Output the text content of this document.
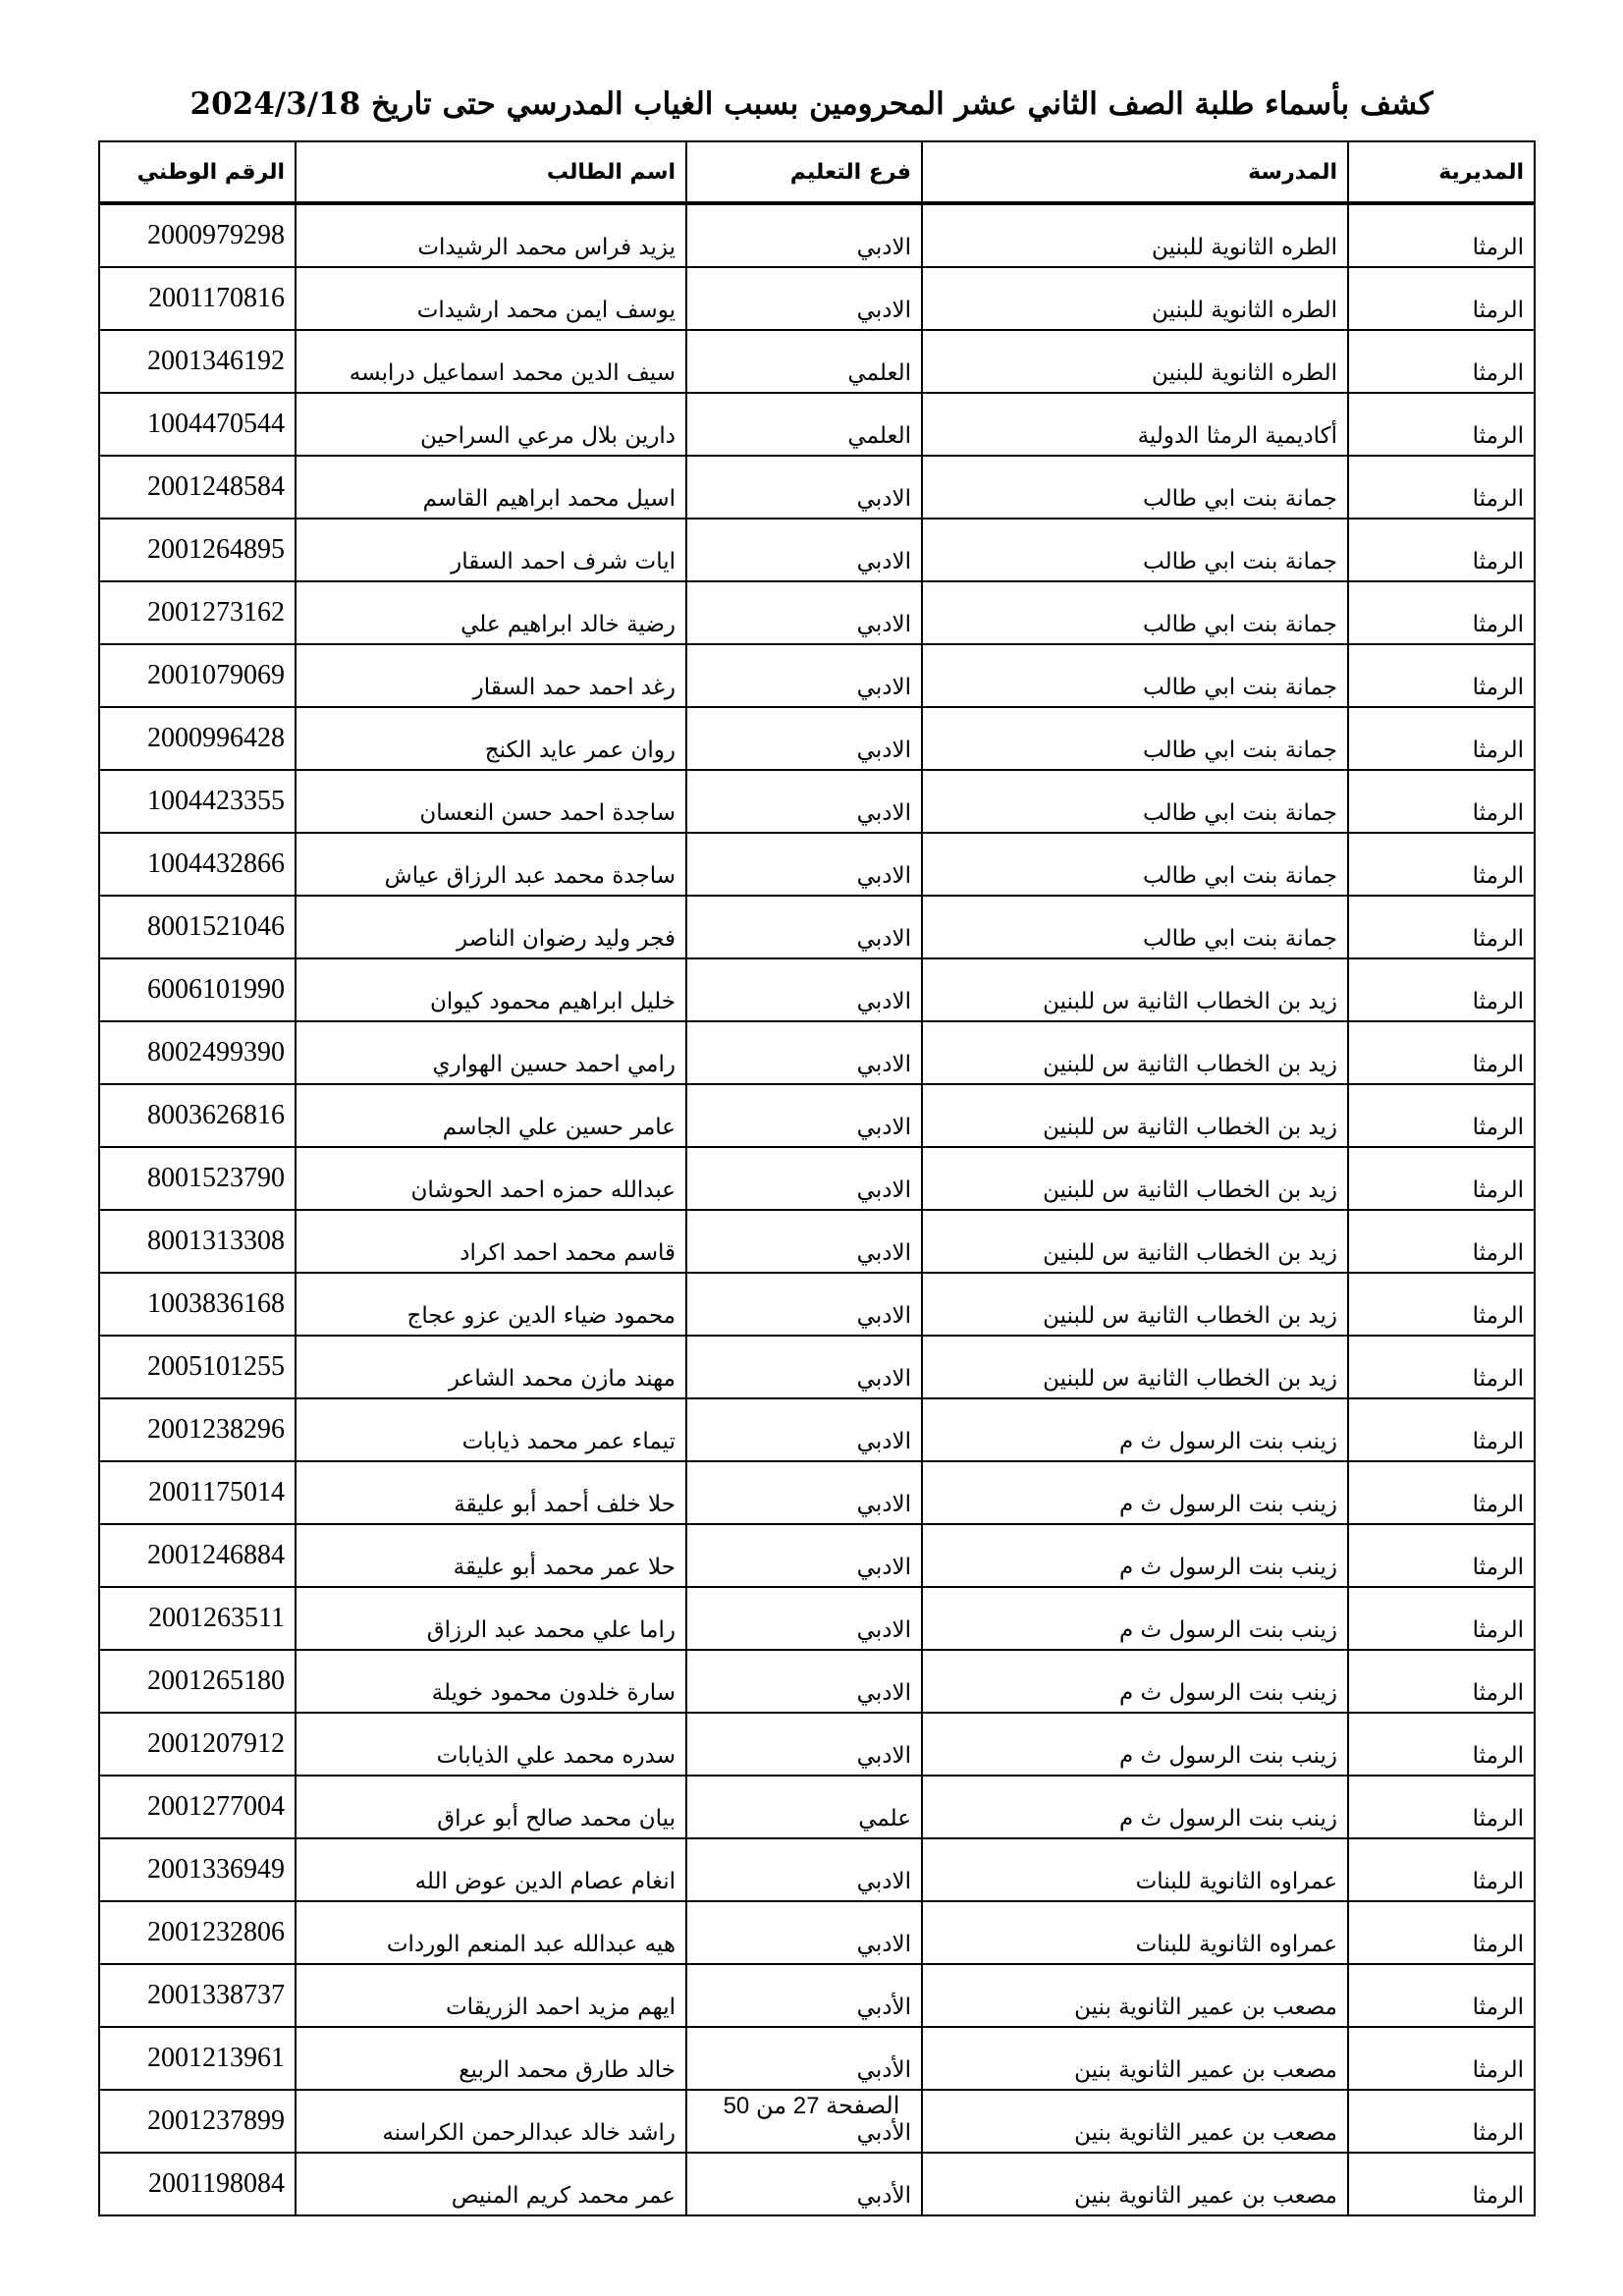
كشف بأسماء طلبة الصف الثاني عشر المحرومين بسبب الغياب المدرسي حتى تاريخ 2024/3/18
المديرية	المدرسة	فرع التعليم	اسم الطالب	الرقم الوطني
الرمثا	الطره الثانوية للبنين	الادبي	يزيد فراس محمد الرشيدات	2000979298
الرمثا	الطره الثانوية للبنين	الادبي	يوسف ايمن محمد ارشيدات	2001170816
الرمثا	الطره الثانوية للبنين	العلمي	سيف الدين محمد اسماعيل درابسه	2001346192
الرمثا	أكاديمية الرمثا الدولية	العلمي	دارين بلال مرعي السراحين	1004470544
الرمثا	جمانة بنت ابي طالب	الادبي	اسيل محمد ابراهيم القاسم	2001248584
الرمثا	جمانة بنت ابي طالب	الادبي	ايات شرف احمد السقار	2001264895
الرمثا	جمانة بنت ابي طالب	الادبي	رضية خالد ابراهيم علي	2001273162
الرمثا	جمانة بنت ابي طالب	الادبي	رغد احمد حمد السقار	2001079069
الرمثا	جمانة بنت ابي طالب	الادبي	روان عمر عايد الكنج	2000996428
الرمثا	جمانة بنت ابي طالب	الادبي	ساجدة احمد حسن النعسان	1004423355
الرمثا	جمانة بنت ابي طالب	الادبي	ساجدة محمد عبد الرزاق عياش	1004432866
الرمثا	جمانة بنت ابي طالب	الادبي	فجر وليد رضوان الناصر	8001521046
الرمثا	زيد بن الخطاب الثانية س للبنين	الادبي	خليل ابراهيم محمود كيوان	6006101990
الرمثا	زيد بن الخطاب الثانية س للبنين	الادبي	رامي احمد حسين الهواري	8002499390
الرمثا	زيد بن الخطاب الثانية س للبنين	الادبي	عامر حسين علي الجاسم	8003626816
الرمثا	زيد بن الخطاب الثانية س للبنين	الادبي	عبدالله حمزه احمد الحوشان	8001523790
الرمثا	زيد بن الخطاب الثانية س للبنين	الادبي	قاسم محمد احمد اكراد	8001313308
الرمثا	زيد بن الخطاب الثانية س للبنين	الادبي	محمود ضياء الدين عزو عجاج	1003836168
الرمثا	زيد بن الخطاب الثانية س للبنين	الادبي	مهند مازن محمد الشاعر	2005101255
الرمثا	زينب بنت الرسول ث م	الادبي	تيماء عمر محمد ذيابات	2001238296
الرمثا	زينب بنت الرسول ث م	الادبي	حلا خلف أحمد أبو عليقة	2001175014
الرمثا	زينب بنت الرسول ث م	الادبي	حلا عمر محمد أبو عليقة	2001246884
الرمثا	زينب بنت الرسول ث م	الادبي	راما علي محمد عبد الرزاق	2001263511
الرمثا	زينب بنت الرسول ث م	الادبي	سارة خلدون محمود خويلة	2001265180
الرمثا	زينب بنت الرسول ث م	الادبي	سدره محمد علي الذيابات	2001207912
الرمثا	زينب بنت الرسول ث م	علمي	بيان محمد صالح أبو عراق	2001277004
الرمثا	عمراوه الثانوية للبنات	الادبي	انغام عصام الدين عوض الله	2001336949
الرمثا	عمراوه الثانوية للبنات	الادبي	هيه عبدالله عبد المنعم الوردات	2001232806
الرمثا	مصعب بن عمير الثانوية بنين	الأدبي	ايهم مزيد احمد الزريقات	2001338737
الرمثا	مصعب بن عمير الثانوية بنين	الأدبي	خالد طارق محمد الربيع	2001213961
الرمثا	مصعب بن عمير الثانوية بنين	الأدبي	راشد خالد عبدالرحمن الكراسنه	2001237899
الرمثا	مصعب بن عمير الثانوية بنين	الأدبي	عمر محمد كريم المنيص	2001198084

الصفحة 27 من 50
